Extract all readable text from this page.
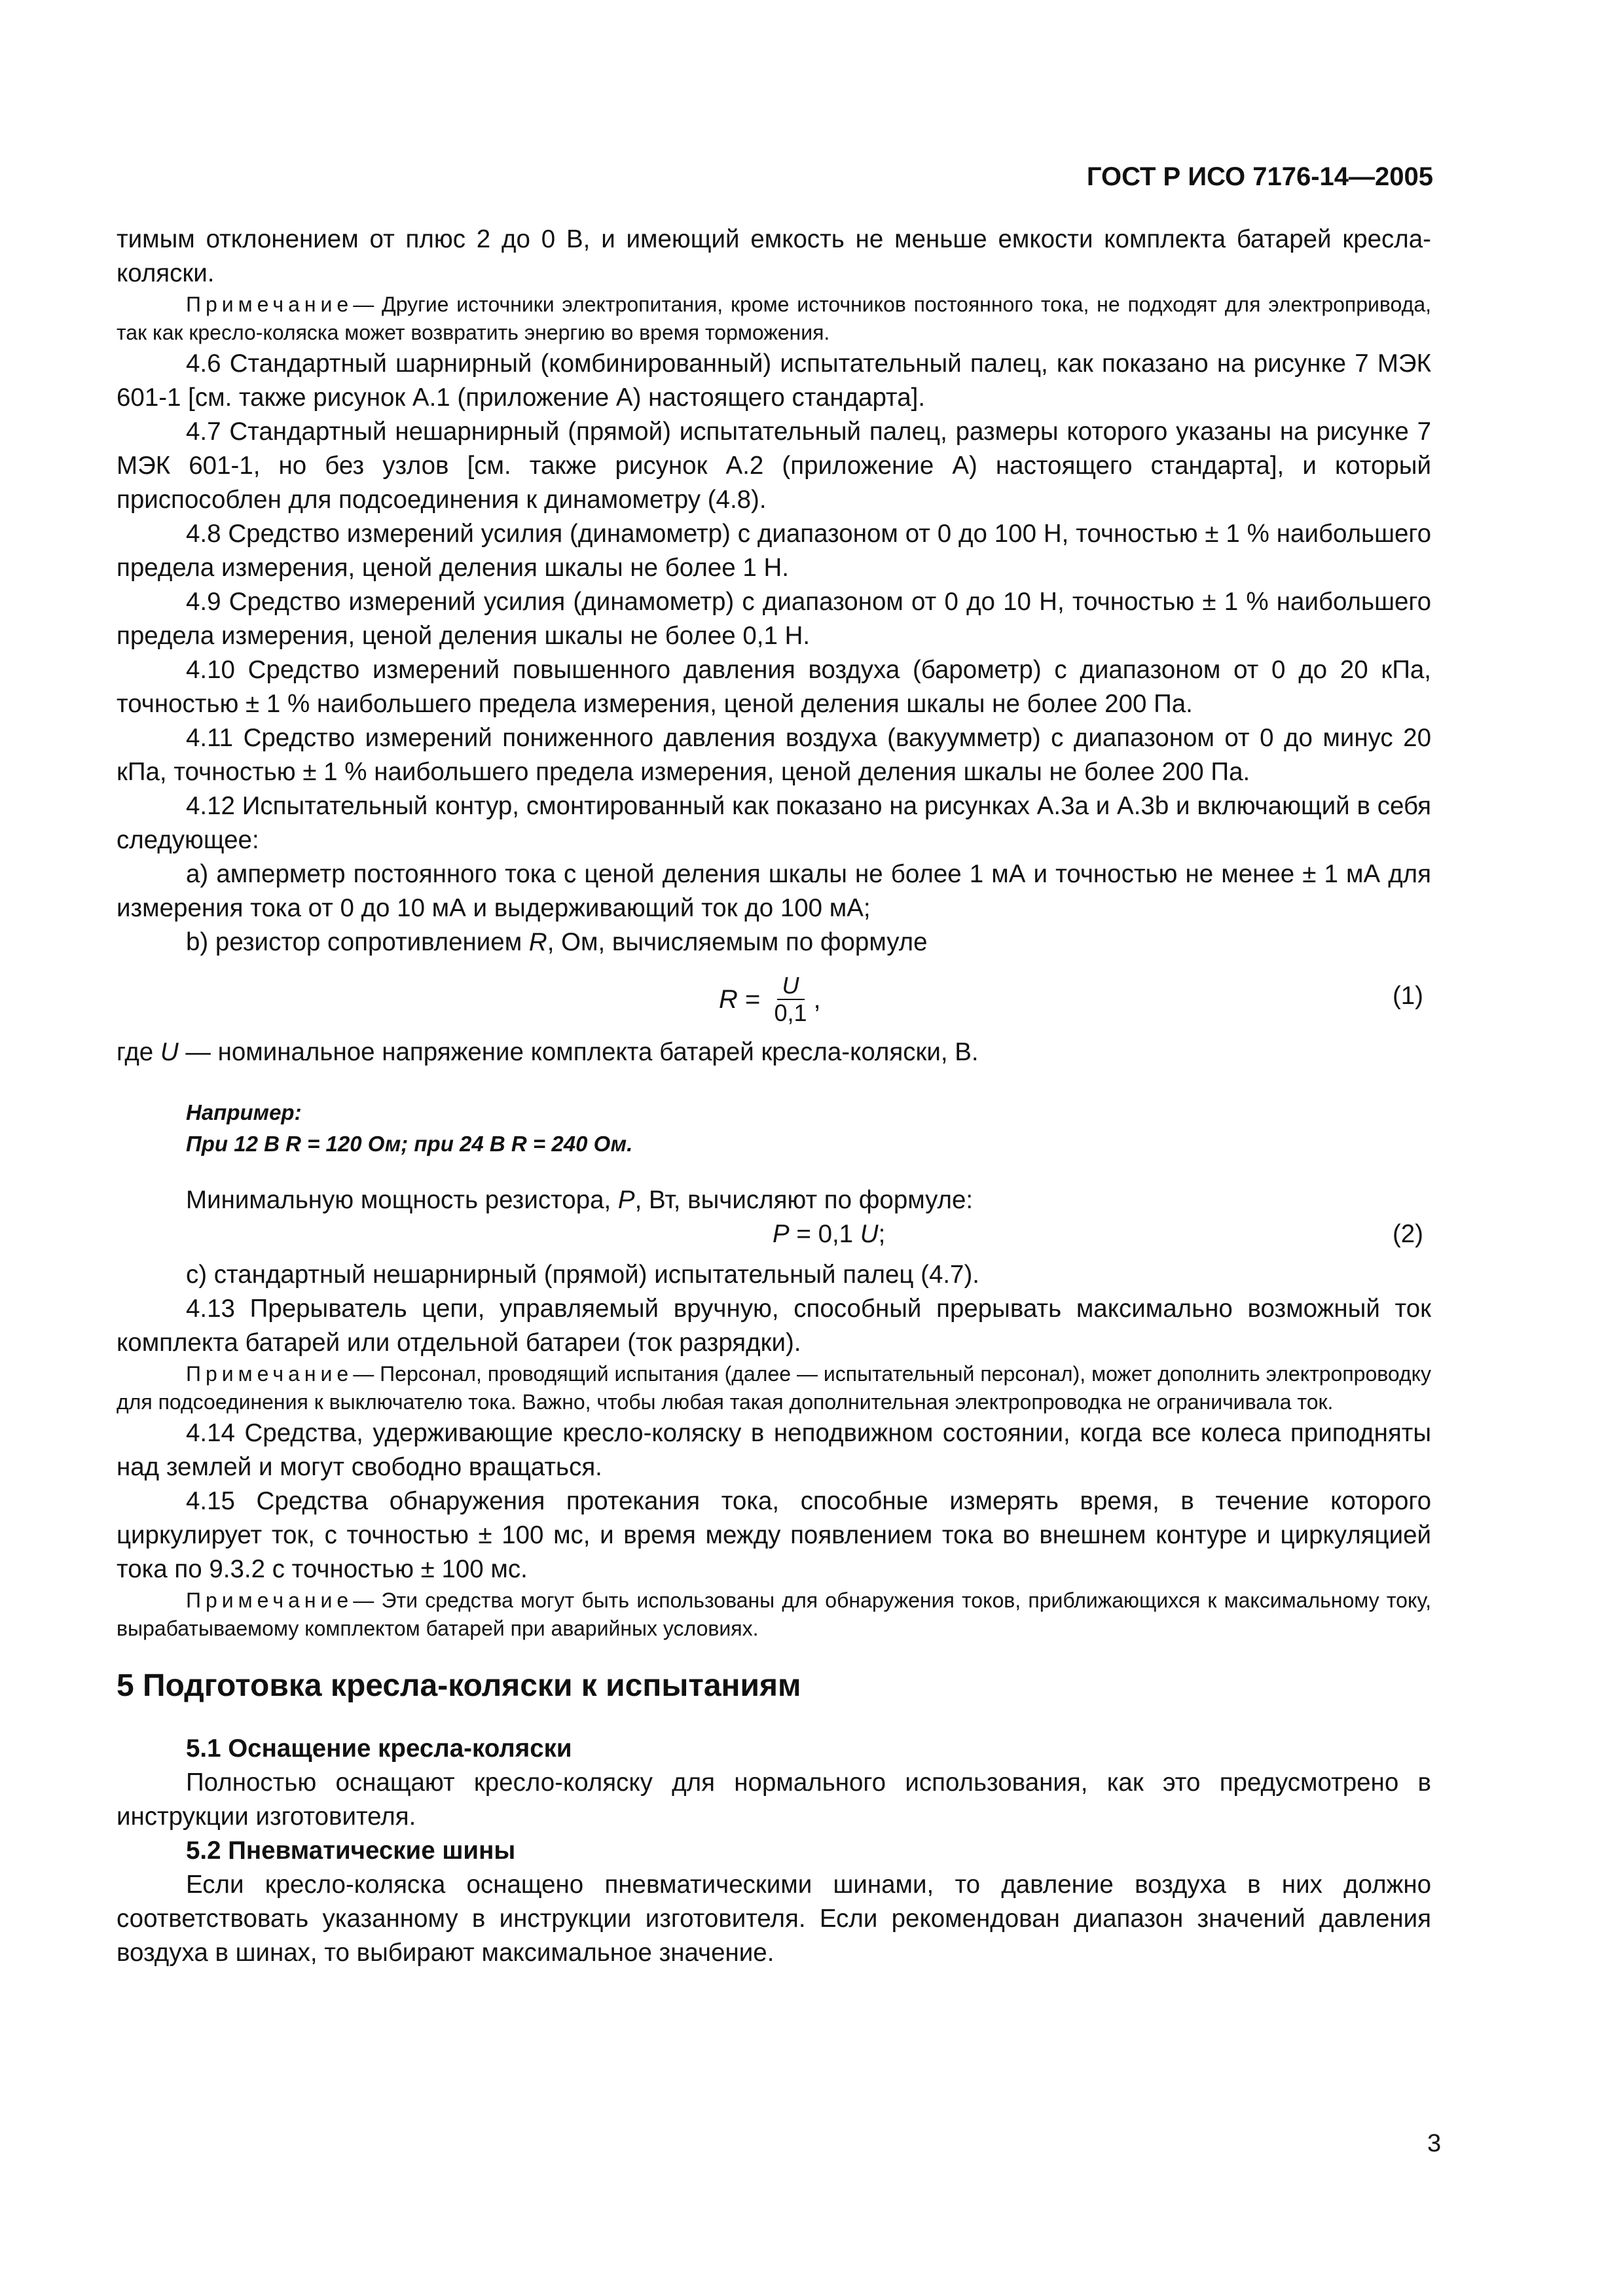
ГОСТ Р ИСО 7176-14—2005

тимым отклонением от плюс 2 до 0 В, и имеющий емкость не меньше емкости комплекта батарей кресла-коляски.

Примечание— Другие источники электропитания, кроме источников постоянного тока, не подходят для электропривода, так как кресло-коляска может возвратить энергию во время торможения.

4.6 Стандартный шарнирный (комбинированный) испытательный палец, как показано на рисунке 7 МЭК 601-1 [см. также рисунок А.1 (приложение А) настоящего стандарта].

4.7 Стандартный нешарнирный (прямой) испытательный палец, размеры которого указаны на рисунке 7 МЭК 601-1, но без узлов [см. также рисунок А.2 (приложение А) настоящего стандарта], и который приспособлен для подсоединения к динамометру (4.8).

4.8 Средство измерений усилия (динамометр) с диапазоном от 0 до 100 Н, точностью ± 1 % наибольшего предела измерения, ценой деления шкалы не более 1 Н.

4.9 Средство измерений усилия (динамометр) с диапазоном от 0 до 10 Н, точностью ± 1 % наибольшего предела измерения, ценой деления шкалы не более 0,1 Н.

4.10 Средство измерений повышенного давления воздуха (барометр) с диапазоном от 0 до 20 кПа, точностью ± 1 % наибольшего предела измерения, ценой деления шкалы не более 200 Па.

4.11 Средство измерений пониженного давления воздуха (вакуумметр) с диапазоном от 0 до минус 20 кПа, точностью ± 1 % наибольшего предела измерения, ценой деления шкалы не более 200 Па.

4.12 Испытательный контур, смонтированный как показано на рисунках А.3а и А.3b и включающий в себя следующее:

а) амперметр постоянного тока с ценой деления шкалы не более 1 мА и точностью не менее ± 1 мА для измерения тока от 0 до 10 мА и выдерживающий ток до 100 мА;

b) резистор сопротивлением R, Ом, вычисляемым по формуле

$R = \frac{U}{0,1}$ ,	(1)

где U — номинальное напряжение комплекта батарей кресла-коляски, В.

Например:
При 12 В R = 120 Ом; при 24 В R = 240 Ом.

Минимальную мощность резистора, P, Вт, вычисляют по формуле:

P = 0,1 U;	(2)

c) стандартный нешарнирный (прямой) испытательный палец (4.7).

4.13 Прерыватель цепи, управляемый вручную, способный прерывать максимально возможный ток комплекта батарей или отдельной батареи (ток разрядки).

Примечание— Персонал, проводящий испытания (далее — испытательный персонал), может дополнить электропроводку для подсоединения к выключателю тока. Важно, чтобы любая такая дополнительная электропроводка не ограничивала ток.

4.14 Средства, удерживающие кресло-коляску в неподвижном состоянии, когда все колеса приподняты над землей и могут свободно вращаться.

4.15 Средства обнаружения протекания тока, способные измерять время, в течение которого циркулирует ток, с точностью ± 100 мс, и время между появлением тока во внешнем контуре и циркуляцией тока по 9.3.2 с точностью ± 100 мс.

Примечание— Эти средства могут быть использованы для обнаружения токов, приближающихся к максимальному току, вырабатываемому комплектом батарей при аварийных условиях.

5 Подготовка кресла-коляски к испытаниям

5.1 Оснащение кресла-коляски

Полностью оснащают кресло-коляску для нормального использования, как это предусмотрено в инструкции изготовителя.

5.2 Пневматические шины

Если кресло-коляска оснащено пневматическими шинами, то давление воздуха в них должно соответствовать указанному в инструкции изготовителя. Если рекомендован диапазон значений давления воздуха в шинах, то выбирают максимальное значение.

3
